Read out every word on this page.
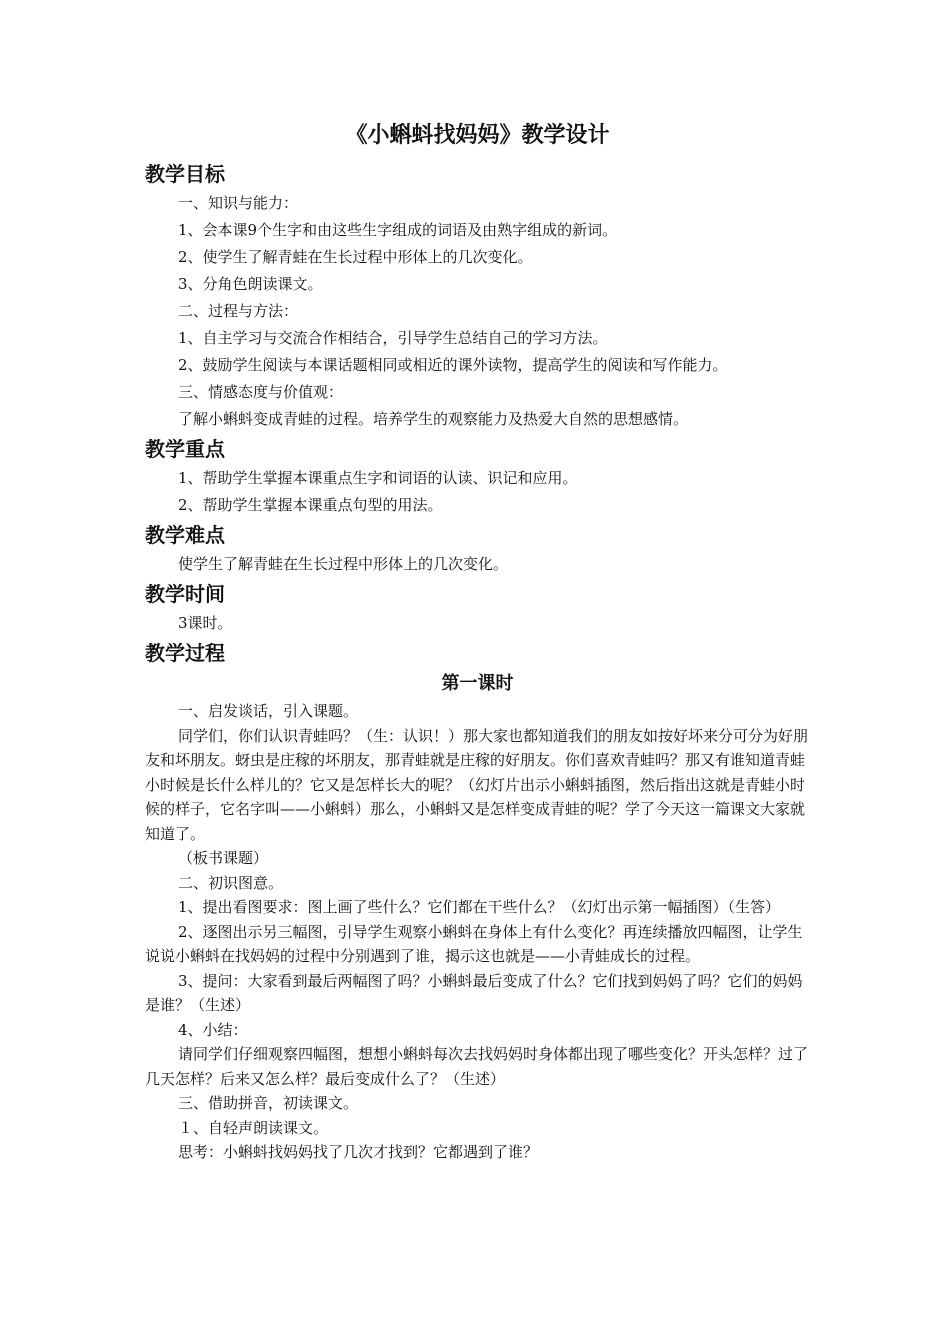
《小蝌蚪找妈妈》教学设计
教学目标

一、知识与能力：

1、会本课9个生字和由这些生字组成的词语及由熟字组成的新词。

2、使学生了解青蛙在生长过程中形体上的几次变化。

3、分角色朗读课文。

二、过程与方法：

1、自主学习与交流合作相结合，引导学生总结自己的学习方法。

2、鼓励学生阅读与本课话题相同或相近的课外读物，提高学生的阅读和写作能力。

三、情感态度与价值观：

了解小蝌蚪变成青蛙的过程。培养学生的观察能力及热爱大自然的思想感情。

教学重点

1、帮助学生掌握本课重点生字和词语的认读、识记和应用。

2、帮助学生掌握本课重点句型的用法。

教学难点

使学生了解青蛙在生长过程中形体上的几次变化。

教学时间

3课时。

教学过程
第一课时

一、启发谈话，引入课题。

同学们，你们认识青蛙吗？（生：认识！）那大家也都知道我们的朋友如按好坏来分可分为好朋友和坏朋友。蚜虫是庄稼的坏朋友，那青蛙就是庄稼的好朋友。你们喜欢青蛙吗？那又有谁知道青蛙小时候是长什么样儿的？它又是怎样长大的呢？（幻灯片出示小蝌蚪插图，然后指出这就是青蛙小时候的样子，它名字叫——小蝌蚪）那么，小蝌蚪又是怎样变成青蛙的呢？学了今天这一篇课文大家就知道了。

（板书课题）

二、初识图意。

1、提出看图要求：图上画了些什么？它们都在干些什么？（幻灯出示第一幅插图）（生答）

2、逐图出示另三幅图，引导学生观察小蝌蚪在身体上有什么变化？再连续播放四幅图，让学生说说小蝌蚪在找妈妈的过程中分别遇到了谁，揭示这也就是——小青蛙成长的过程。

3、提问：大家看到最后两幅图了吗？小蝌蚪最后变成了什么？它们找到妈妈了吗？它们的妈妈是谁？（生述）

4、小结：

请同学们仔细观察四幅图，想想小蝌蚪每次去找妈妈时身体都出现了哪些变化？开头怎样？过了几天怎样？后来又怎么样？最后变成什么了？（生述）

三、借助拼音，初读课文。

１、自轻声朗读课文。

思考：小蝌蚪找妈妈找了几次才找到？它都遇到了谁？
